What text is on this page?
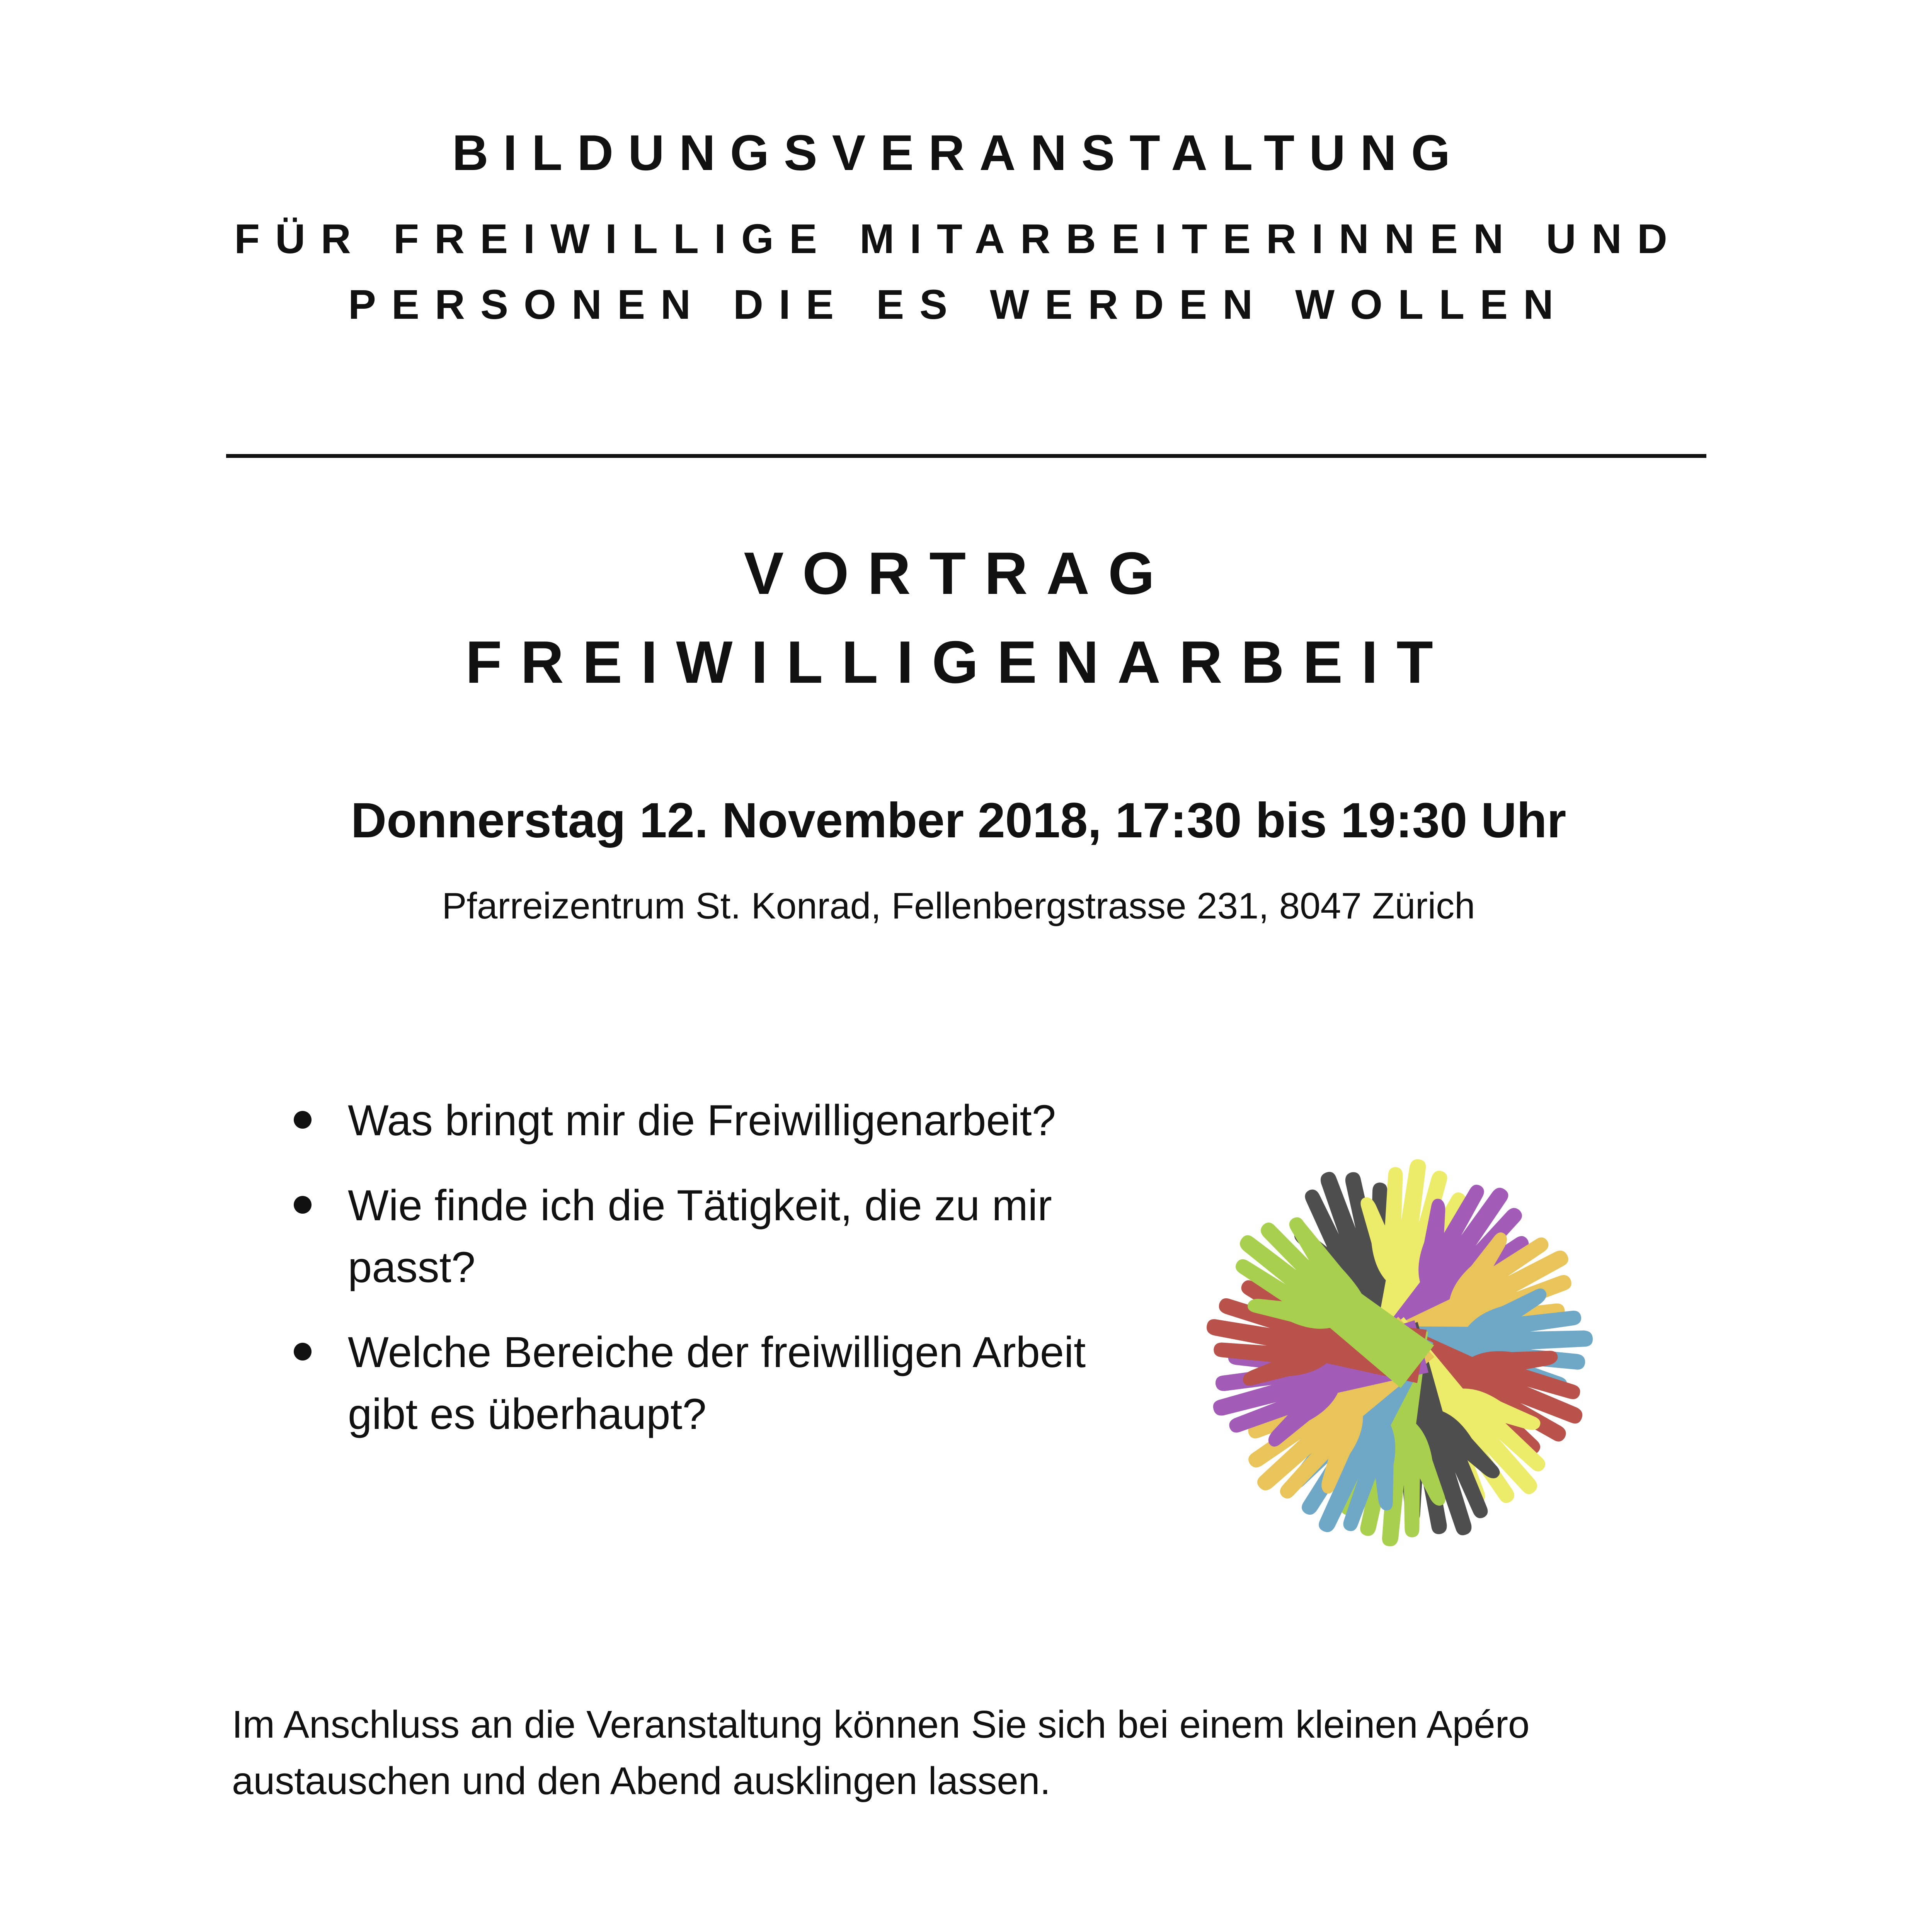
BILDUNGSVERANSTALTUNG
FÜR FREIWILLIGE MITARBEITERINNEN UND
PERSONEN DIE ES WERDEN WOLLEN
VORTRAG
FREIWILLIGENARBEIT
Donnerstag 12. November 2018, 17:30 bis 19:30 Uhr
Pfarreizentrum St. Konrad, Fellenbergstrasse 231, 8047 Zürich
Was bringt mir die Freiwilligenarbeit?
Wie finde ich die Tätigkeit, die zu mir passt?
Welche Bereiche der freiwilligen Arbeit gibt es überhaupt?
Im Anschluss an die Veranstaltung können Sie sich bei einem kleinen Apéro austauschen und den Abend ausklingen lassen.
